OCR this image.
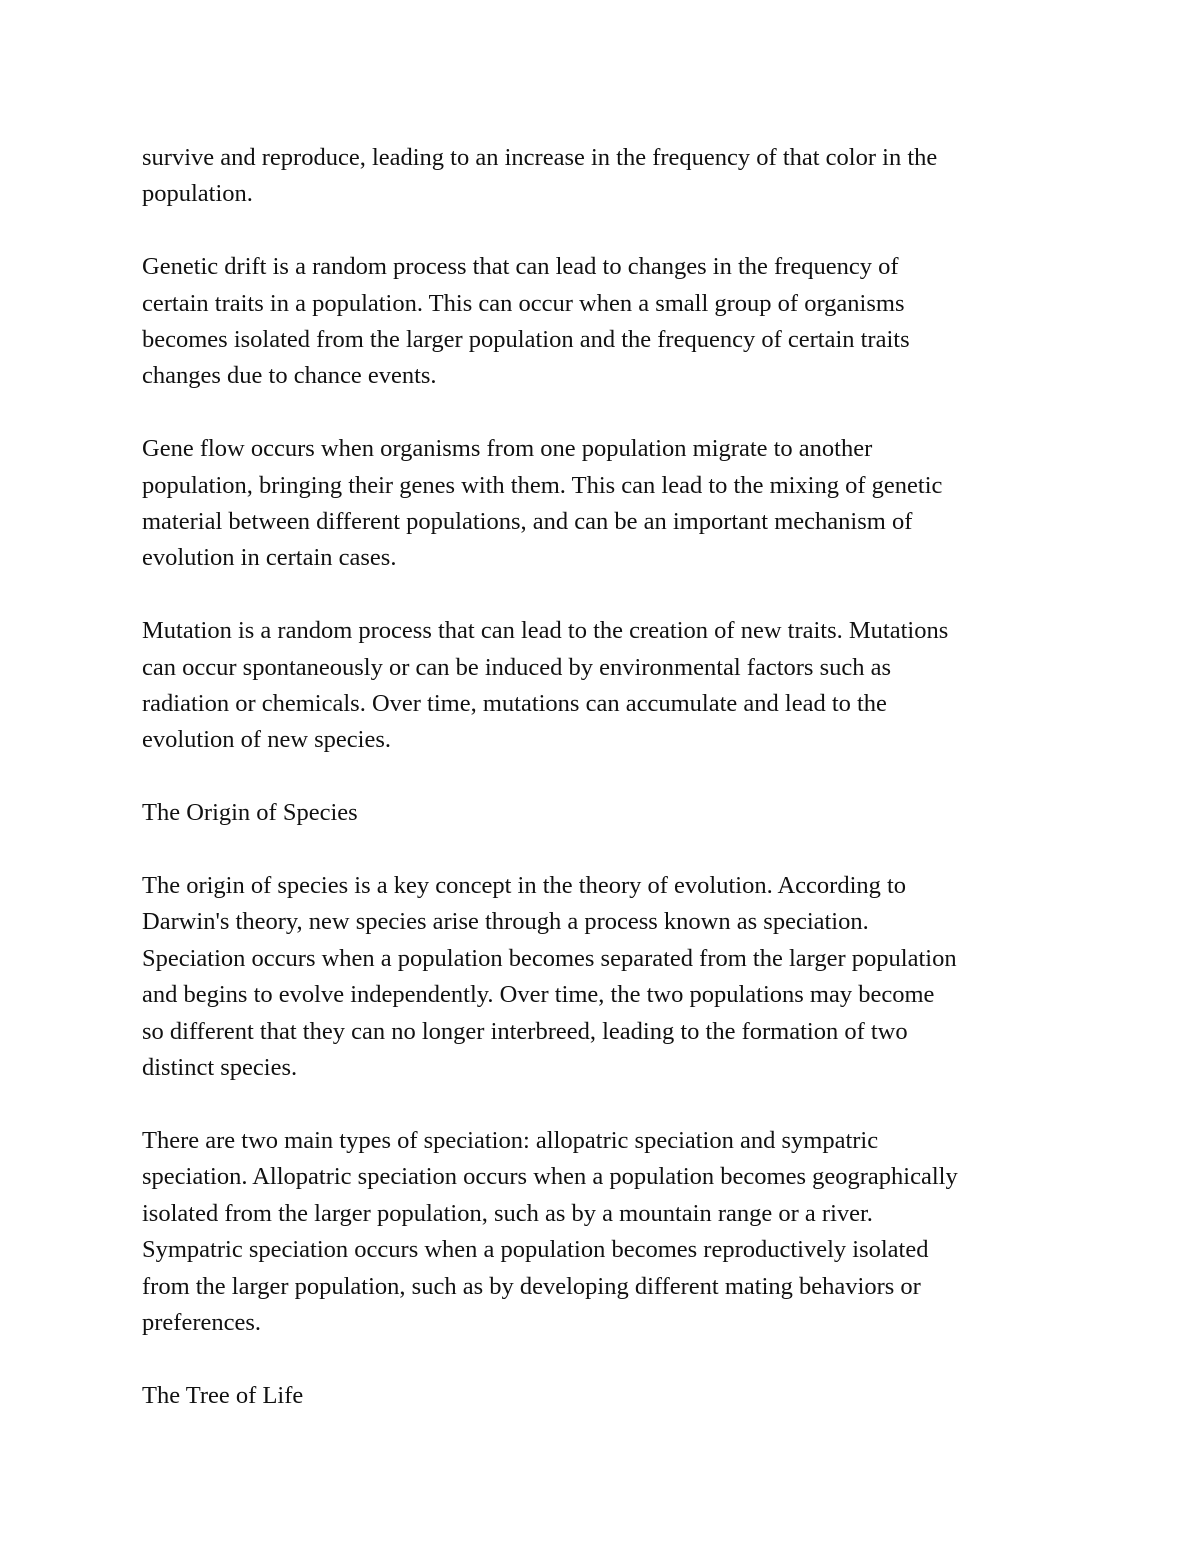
survive and reproduce, leading to an increase in the frequency of that color in the
population.

Genetic drift is a random process that can lead to changes in the frequency of
certain traits in a population. This can occur when a small group of organisms
becomes isolated from the larger population and the frequency of certain traits
changes due to chance events.

Gene flow occurs when organisms from one population migrate to another
population, bringing their genes with them. This can lead to the mixing of genetic
material between different populations, and can be an important mechanism of
evolution in certain cases.

Mutation is a random process that can lead to the creation of new traits. Mutations
can occur spontaneously or can be induced by environmental factors such as
radiation or chemicals. Over time, mutations can accumulate and lead to the
evolution of new species.

The Origin of Species

The origin of species is a key concept in the theory of evolution. According to
Darwin's theory, new species arise through a process known as speciation.
Speciation occurs when a population becomes separated from the larger population
and begins to evolve independently. Over time, the two populations may become
so different that they can no longer interbreed, leading to the formation of two
distinct species.

There are two main types of speciation: allopatric speciation and sympatric
speciation. Allopatric speciation occurs when a population becomes geographically
isolated from the larger population, such as by a mountain range or a river.
Sympatric speciation occurs when a population becomes reproductively isolated
from the larger population, such as by developing different mating behaviors or
preferences.

The Tree of Life
